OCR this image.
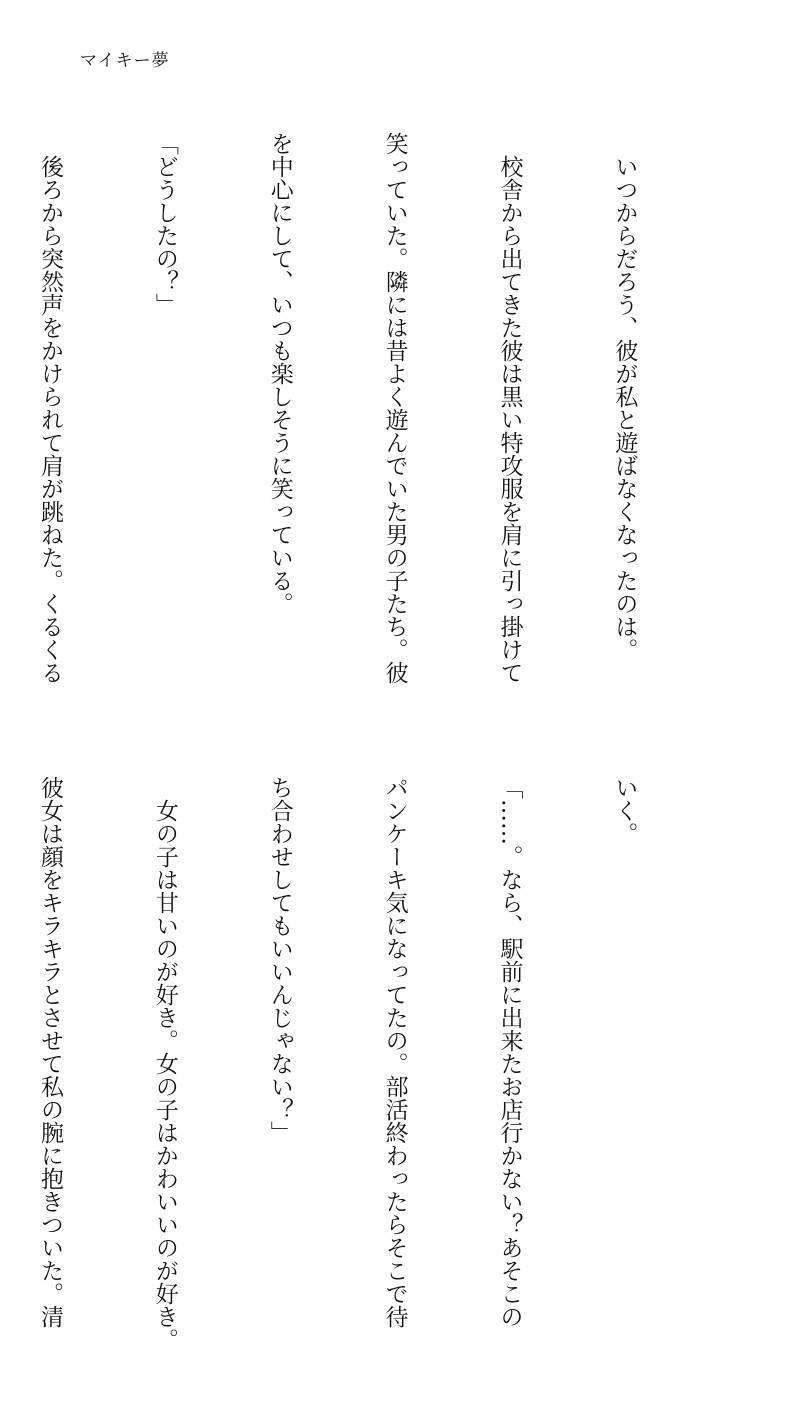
マイキー夢

　いつからだろう、彼が私と遊ばなくなったのは。

　校舎から出てきた彼は黒い特攻服を肩に引っ掛けて

笑っていた。隣には昔よく遊んでいた男の子たち。彼

を中心にして、いつも楽しそうに笑っている。

「どうしたの？」

　後ろから突然声をかけられて肩が跳ねた。くるくる

いく。

「……。なら、駅前に出来たお店行かない？あそこの

パンケーキ気になってたの。部活終わったらそこで待

ち合わせしてもいいんじゃない？」

　女の子は甘いのが好き。女の子はかわいいのが好き。

彼女は顔をキラキラとさせて私の腕に抱きついた。清
